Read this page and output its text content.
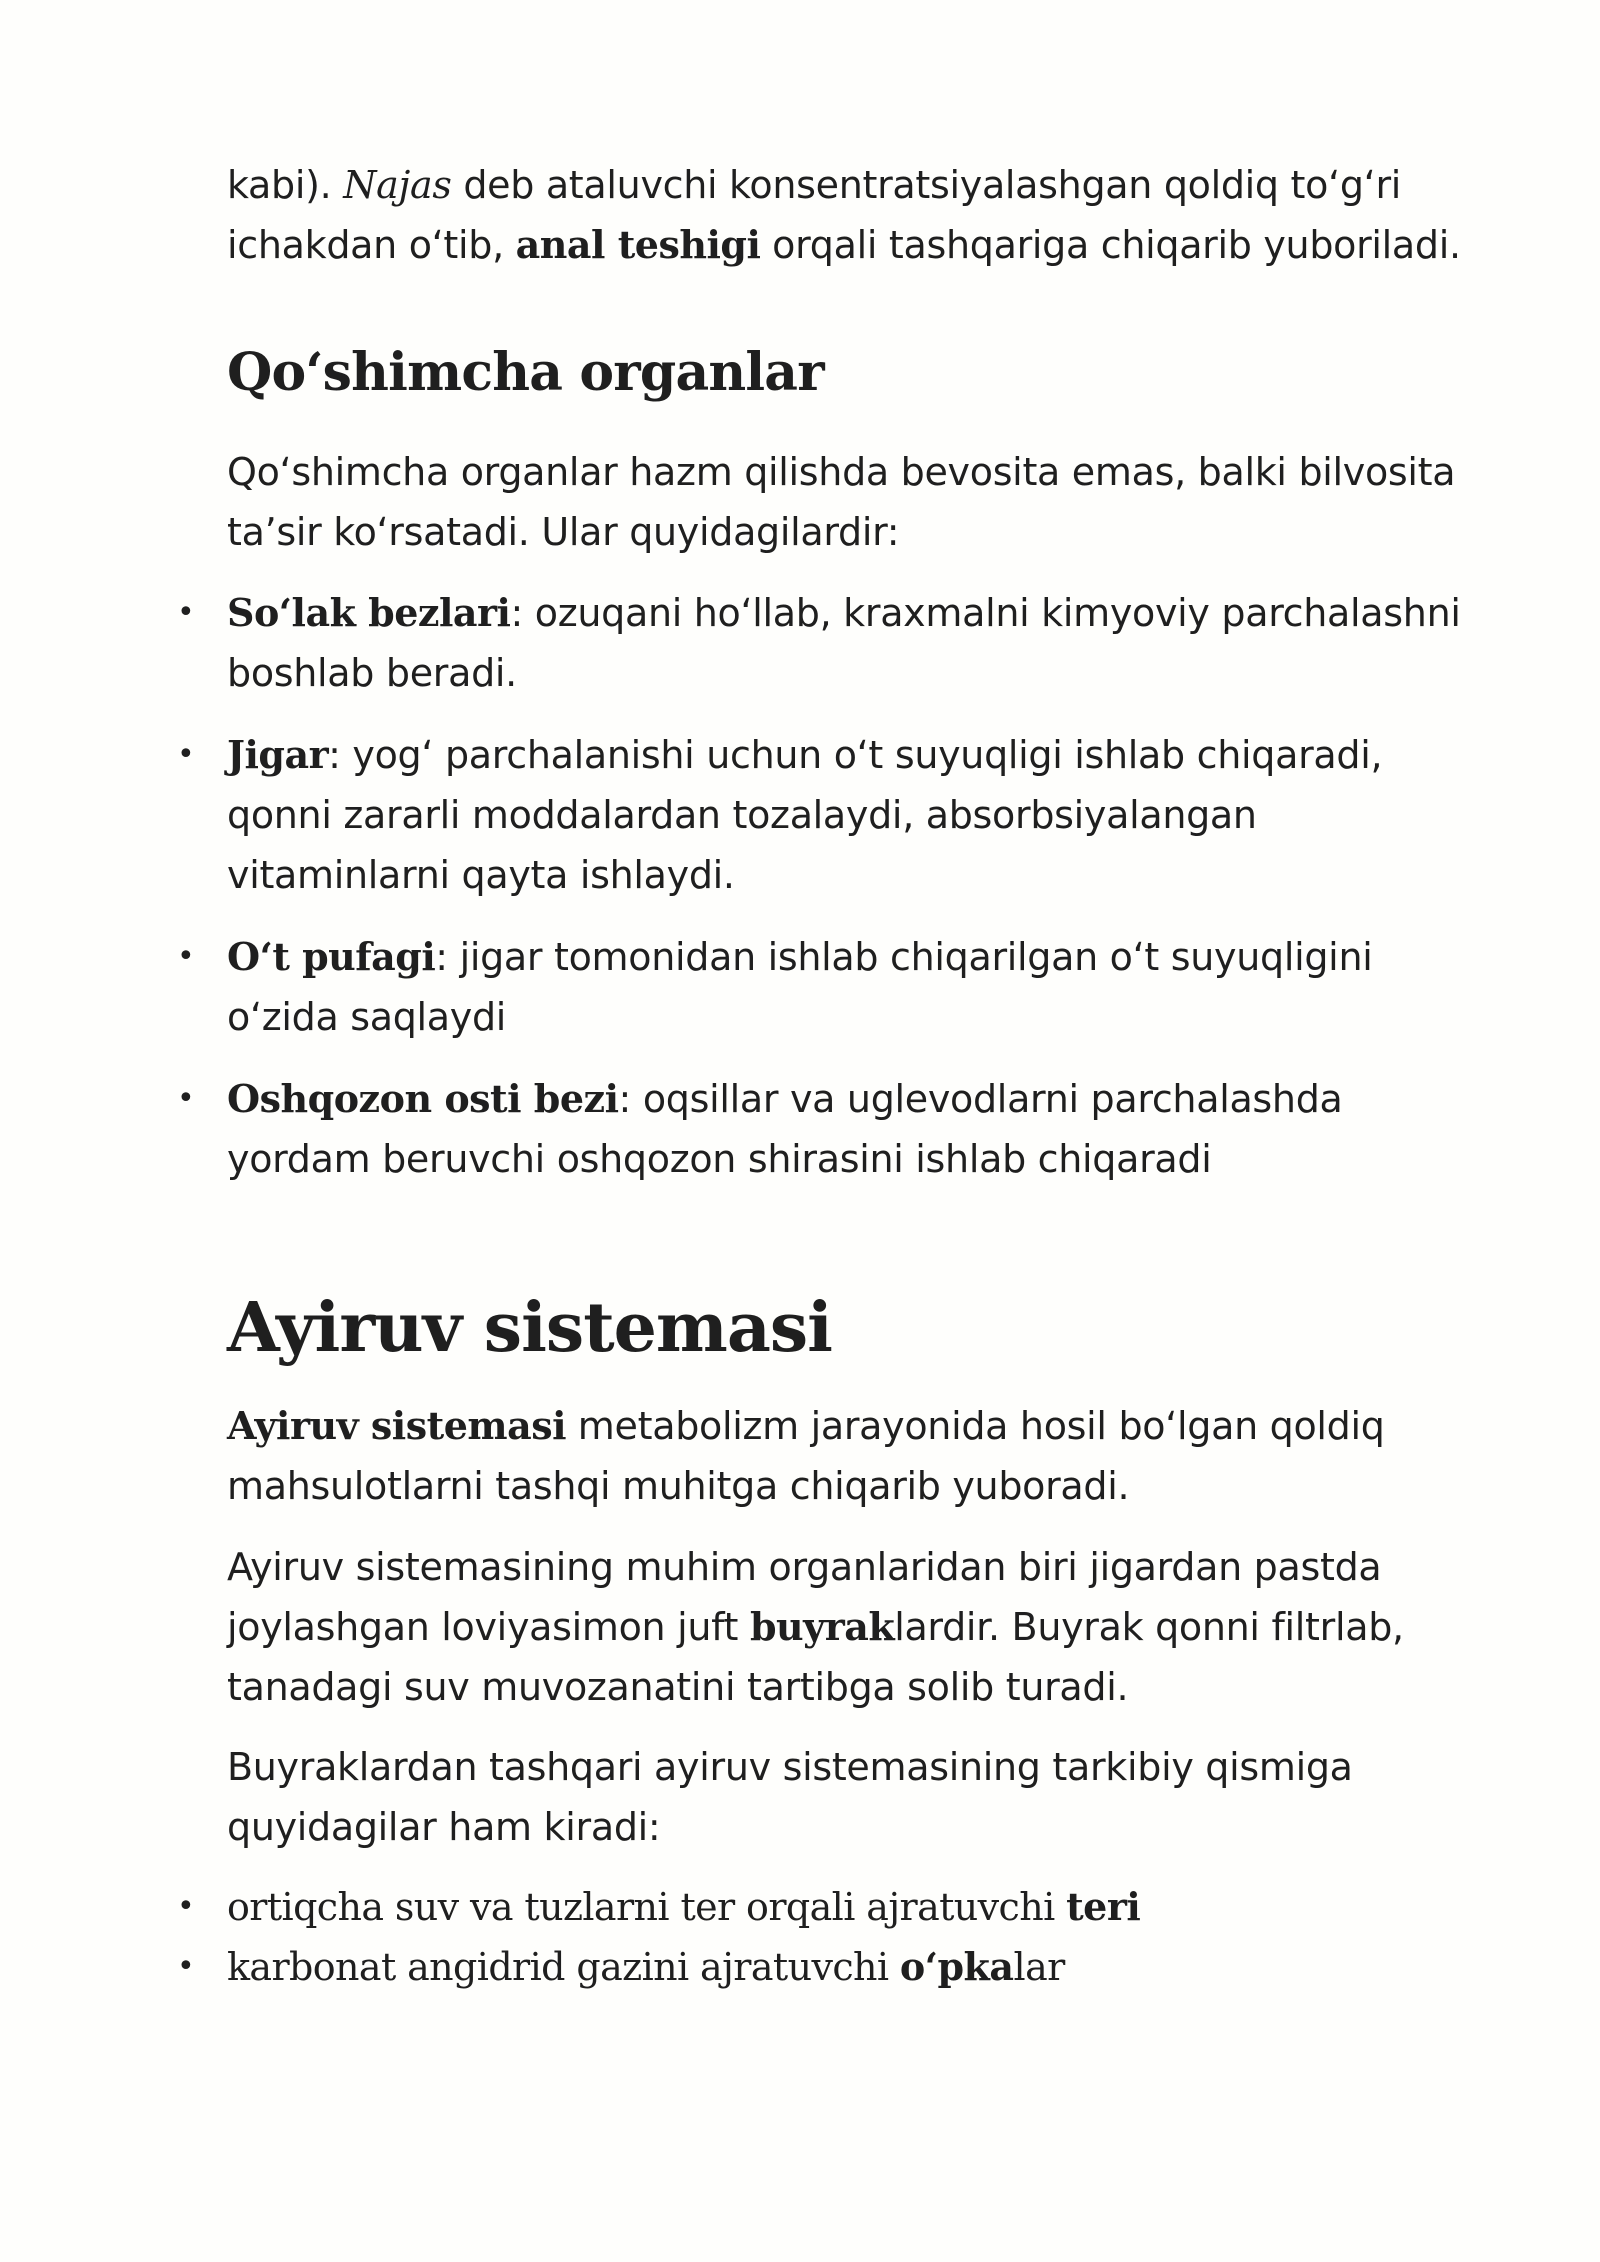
kabi). Najas deb ataluvchi konsentratsiyalashgan qoldiq to‘g‘ri ichakdan o‘tib, anal teshigi orqali tashqariga chiqarib yuboriladi.

Qo‘shimcha organlar

Qo‘shimcha organlar hazm qilishda bevosita emas, balki bilvosita ta’sir ko‘rsatadi. Ular quyidagilardir:

• So‘lak bezlari: ozuqani ho‘llab, kraxmalni kimyoviy parchalashni boshlab beradi.
• Jigar: yog‘ parchalanishi uchun o‘t suyuqligi ishlab chiqaradi, qonni zararli moddalardan tozalaydi, absorbsiyalangan vitaminlarni qayta ishlaydi.
• O‘t pufagi: jigar tomonidan ishlab chiqarilgan o‘t suyuqligini o‘zida saqlaydi
• Oshqozon osti bezi: oqsillar va uglevodlarni parchalashda yordam beruvchi oshqozon shirasini ishlab chiqaradi
Ayiruv sistemasi

Ayiruv sistemasi metabolizm jarayonida hosil bo‘lgan qoldiq mahsulotlarni tashqi muhitga chiqarib yuboradi.

Ayiruv sistemasining muhim organlaridan biri jigardan pastda joylashgan loviyasimon juft buyraklardir. Buyrak qonni filtrlab, tanadagi suv muvozanatini tartibga solib turadi.

Buyraklardan tashqari ayiruv sistemasining tarkibiy qismiga quyidagilar ham kiradi:

• ortiqcha suv va tuzlarni ter orqali ajratuvchi teri
• karbonat angidrid gazini ajratuvchi o‘pkalar
